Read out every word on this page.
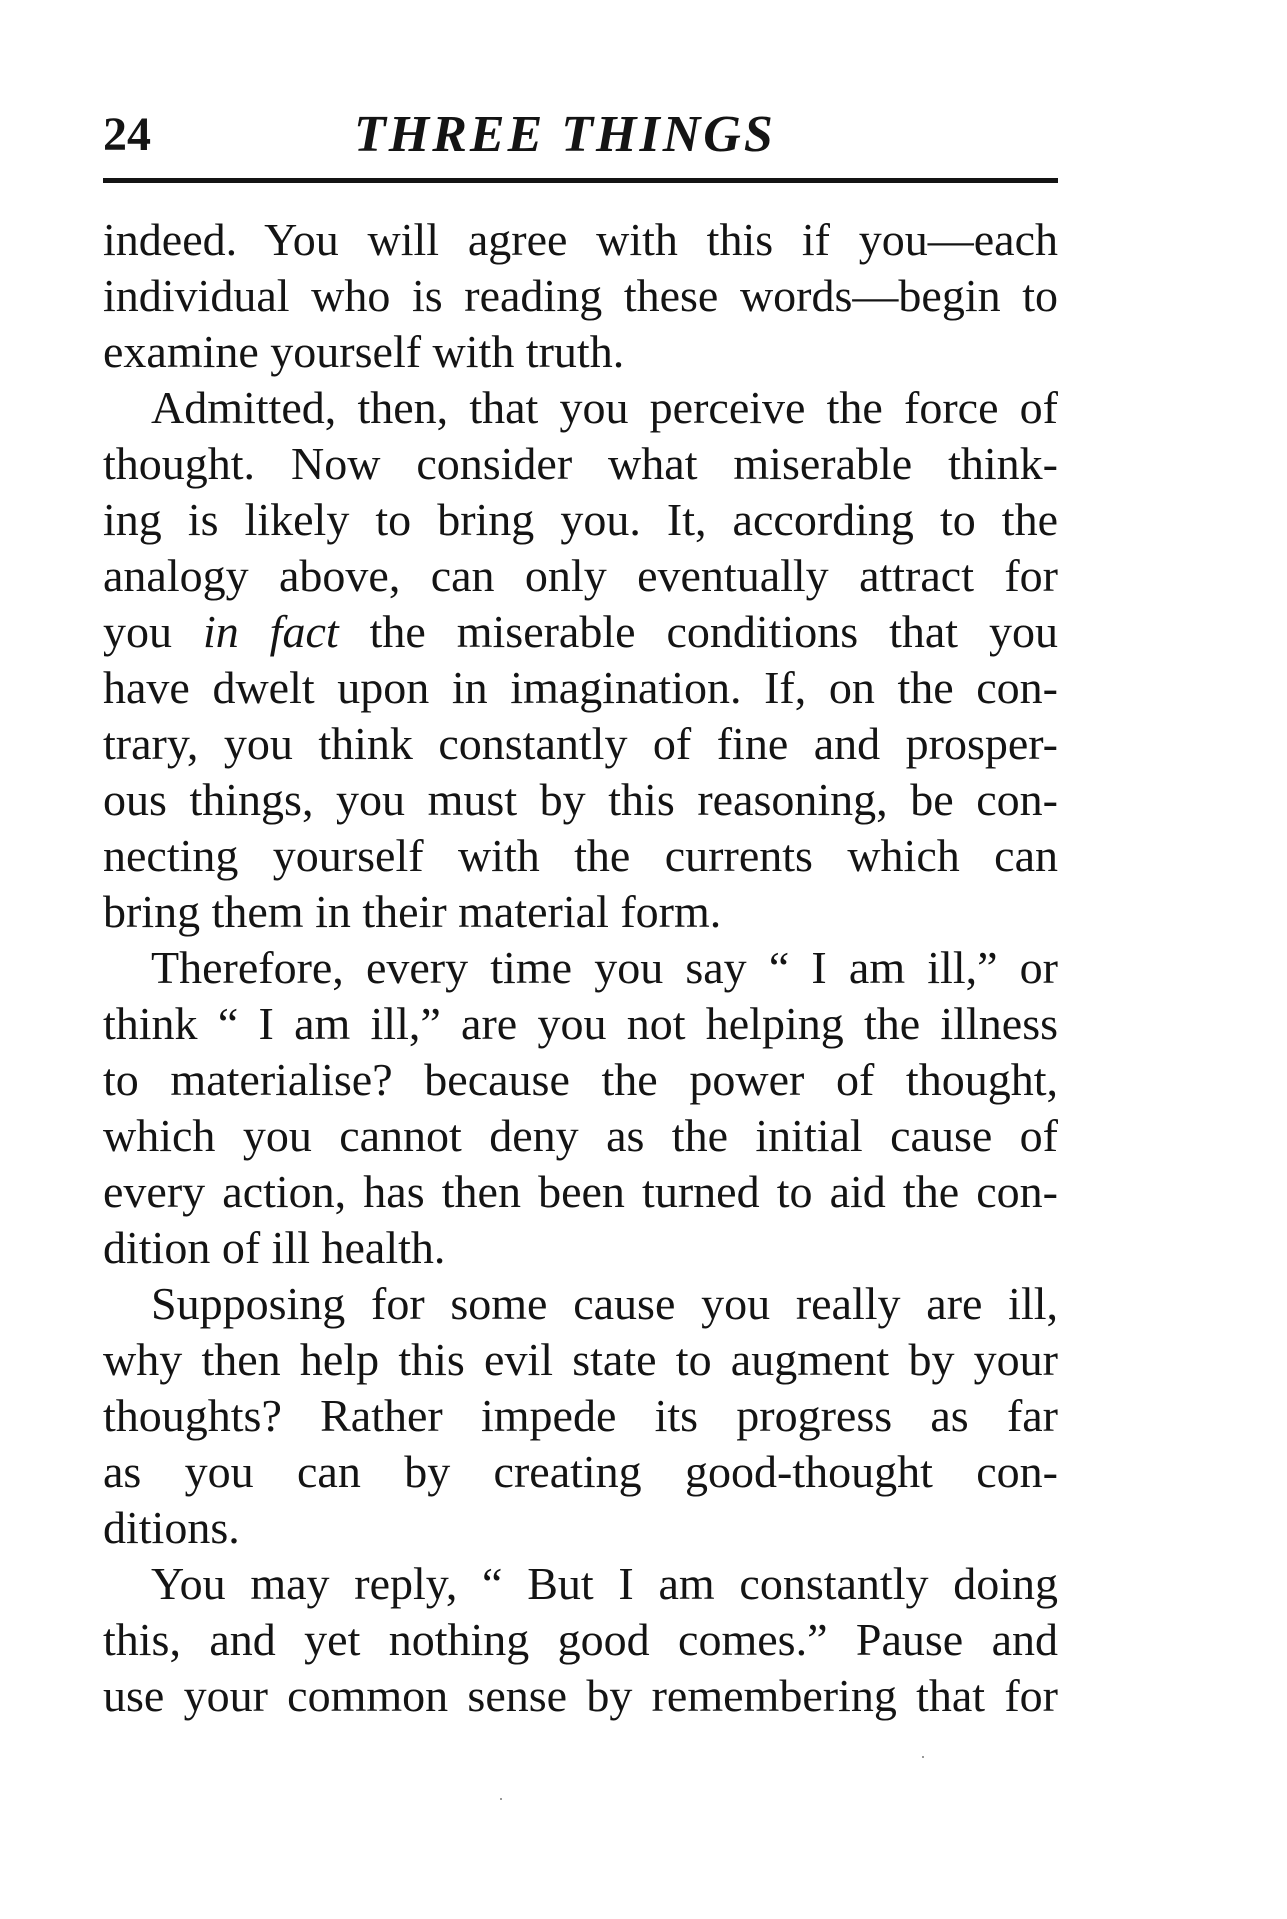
24	THREE THINGS
indeed. You will agree with this if you—each
individual who is reading these words—begin to
examine yourself with truth.
Admitted, then, that you perceive the force of
thought. Now consider what miserable think-
ing is likely to bring you. It, according to the
analogy above, can only eventually attract for
you in fact the miserable conditions that you
have dwelt upon in imagination. If, on the con-
trary, you think constantly of fine and prosper-
ous things, you must by this reasoning, be con-
necting yourself with the currents which can
bring them in their material form.
Therefore, every time you say “ I am ill,” or
think “ I am ill,” are you not helping the illness
to materialise? because the power of thought,
which you cannot deny as the initial cause of
every action, has then been turned to aid the con-
dition of ill health.
Supposing for some cause you really are ill,
why then help this evil state to augment by your
thoughts? Rather impede its progress as far
as you can by creating good-thought con-
ditions.
You may reply, “ But I am constantly doing
this, and yet nothing good comes.” Pause and
use your common sense by remembering that for
